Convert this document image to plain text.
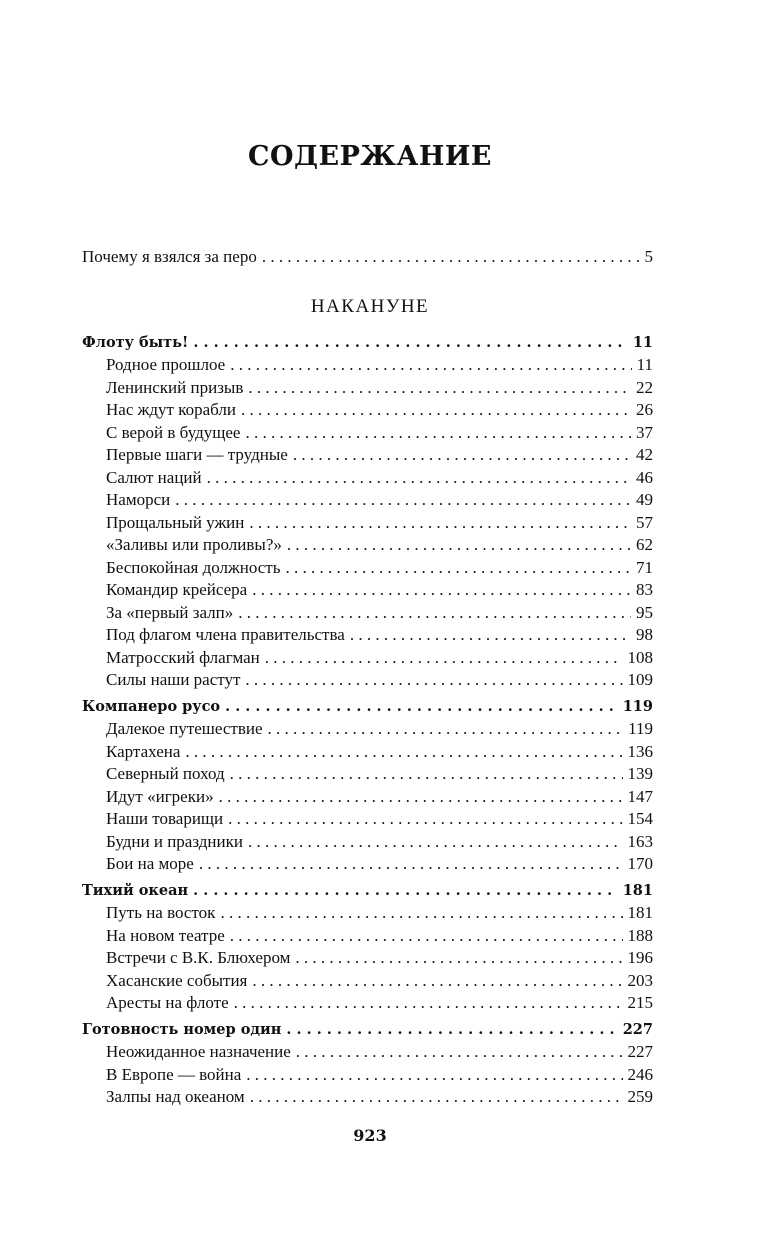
СОДЕРЖАНИЕ
Почему я взялся за перо . . .	5
НАКАНУНЕ
Флоту быть! . . .	11
Родное прошлое . . .	11
Ленинский призыв . . .	22
Нас ждут корабли . . .	26
С верой в будущее . . .	37
Первые шаги — трудные . . .	42
Салют наций . . .	46
Наморси . . .	49
Прощальный ужин . . .	57
«Заливы или проливы?» . . .	62
Беспокойная должность . . .	71
Командир крейсера . . .	83
За «первый залп» . . .	95
Под флагом члена правительства . . .	98
Матросский флагман . . .	108
Силы наши растут . . .	109
Компанеро русо . . .	119
Далекое путешествие . . .	119
Картахена . . .	136
Северный поход . . .	139
Идут «игреки» . . .	147
Наши товарищи . . .	154
Будни и праздники . . .	163
Бои на море . . .	170
Тихий океан . . .	181
Путь на восток . . .	181
На новом театре . . .	188
Встречи с В.К. Блюхером . . .	196
Хасанские события . . .	203
Аресты на флоте . . .	215
Готовность номер один . . .	227
Неожиданное назначение . . .	227
В Европе — война . . .	246
Залпы над океаном . . .	259
923
